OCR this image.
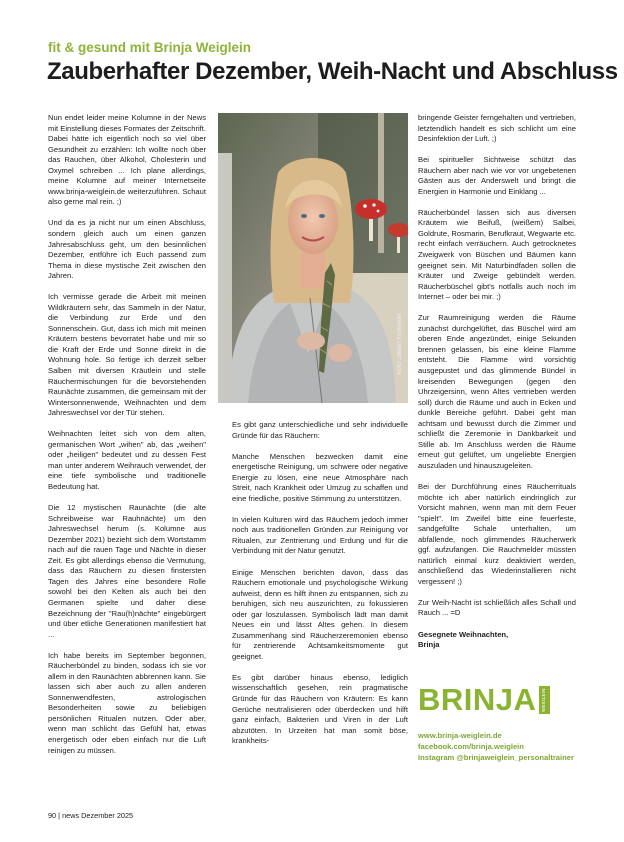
fit & gesund mit Brinja Weiglein
Zauberhafter Dezember, Weih-Nacht und Abschluss

Nun endet leider meine Kolumne in der News mit Einstellung dieses Formates der Zeitschrift. Dabei hätte ich eigentlich noch so viel über Gesundheit zu erzählen: Ich wollte noch über das Rauchen, über Alkohol, Cholesterin und Oxymel schreiben ... Ich plane allerdings, meine Kolumne auf meiner Internetseite www.brinja-weiglein.de weiterzuführen. Schaut also gerne mal rein. ;)

Und da es ja nicht nur um einen Abschluss, sondern gleich auch um einen ganzen Jahresabschluss geht, um den besinnlichen Dezember, entführe ich Euch passend zum Thema in diese mystische Zeit zwischen den Jahren.

Ich vermisse gerade die Arbeit mit meinen Wildkräutern sehr, das Sammeln in der Natur, die Verbindung zur Erde und den Sonnenschein. Gut, dass ich mich mit meinen Kräutern bestens bevorratet habe und mir so die Kraft der Erde und Sonne direkt in die Wohnung hole. So fertige ich derzeit selber Salben mit diversen Kräutlein und stelle Räuchermischungen für die bevorstehenden Raunächte zusammen, die gemeinsam mit der Wintersonnenwende, Weihnachten und dem Jahreswechsel vor der Tür stehen.

Weihnachten leitet sich von dem alten, germanischen Wort „wihen" ab, das „weihen" oder „heiligen" bedeutet und zu dessen Fest man unter anderem Weihrauch verwendet, der eine tiefe symbolische und traditionelle Bedeutung hat.

Die 12 mystischen Raunächte (die alte Schreibweise war Rauhnächte) um den Jahreswechsel herum (s. Kolumne aus Dezember 2021) bezieht sich dem Wortstamm nach auf die rauen Tage und Nächte in dieser Zeit. Es gibt allerdings ebenso die Vermutung, dass das Räuchern zu diesen finstersten Tagen des Jahres eine besondere Rolle sowohl bei den Kelten als auch bei den Germanen spielte und daher diese Bezeichnung der "Rau(h)nächte" eingebürgert und über etliche Generationen manifestiert hat ...

Ich habe bereits im September begonnen, Räucherbündel zu binden, sodass ich sie vor allem in den Raunächten abbrennen kann. Sie lassen sich aber auch zu allen anderen Sonnenwendfesten, astrologischen Besonderheiten sowie zu beliebigen persönlichen Ritualen nutzen. Oder aber, wenn man schlicht das Gefühl hat, etwas energetisch oder eben einfach nur die Luft reinigen zu müssen.

Foto: Stefan Kohlmeier

Es gibt ganz unterschiedliche und sehr individuelle Gründe für das Räuchern:

Manche Menschen bezwecken damit eine energetische Reinigung, um schwere oder negative Energie zu lösen, eine neue Atmosphäre nach Streit, nach Krankheit oder Umzug zu schaffen und eine friedliche, positive Stimmung zu unterstützen.

In vielen Kulturen wird das Räuchern jedoch immer noch aus traditionellen Gründen zur Reinigung vor Ritualen, zur Zentrierung und Erdung und für die Verbindung mit der Natur genutzt.

Einige Menschen berichten davon, dass das Räuchern emotionale und psychologische Wirkung aufweist, denn es hilft ihnen zu entspannen, sich zu beruhigen, sich neu auszurichten, zu fokussieren oder gar loszulassen. Symbolisch lädt man damit Neues ein und lässt Altes gehen. In diesem Zusammenhang sind Räucherzeremonien ebenso für zentrierende Achtsamkeitsmomente gut geeignet.

Es gibt darüber hinaus ebenso, lediglich wissenschaftlich gesehen, rein pragmatische Gründe für das Räuchern von Kräutern: Es kann Gerüche neutralisieren oder überdecken und hilft ganz einfach, Bakterien und Viren in der Luft abzutöten. In Urzeiten hat man somit böse, krankheits-

bringende Geister ferngehalten und vertrieben, letztendlich handelt es sich schlicht um eine Desinfektion der Luft. ;)

Bei spiritueller Sichtweise schützt das Räuchern aber nach wie vor vor ungebetenen Gästen aus der Anderswelt und bringt die Energien in Harmonie und Einklang ...

Räucherbündel lassen sich aus diversen Kräutern wie Beifuß, (weißem) Salbei, Goldrute, Rosmarin, Berufkraut, Wegwarte etc. recht einfach verräuchern. Auch getrocknetes Zweigwerk von Büschen und Bäumen kann geeignet sein. Mit Naturbindfaden sollen die Kräuter und Zweige gebündelt werden. Räucherbüschel gibt's notfalls auch noch im Internet – oder bei mir. ;)

Zur Raumreinigung werden die Räume zunächst durchgelüftet, das Büschel wird am oberen Ende angezündet, einige Sekunden brennen gelassen, bis eine kleine Flamme entsteht. Die Flamme wird vorsichtig ausgepustet und das glimmende Bündel in kreisenden Bewegungen (gegen den Uhrzeigersinn, wenn Altes vertrieben werden soll) durch die Räume und auch in Ecken und dunkle Bereiche geführt. Dabei geht man achtsam und bewusst durch die Zimmer und schließt die Zeremonie in Dankbarkeit und Stille ab. Im Anschluss werden die Räume erneut gut gelüftet, um ungeliebte Energien auszuladen und hinauszugeleiten.

Bei der Durchführung eines Räucherrituals möchte ich aber natürlich eindringlich zur Vorsicht mahnen, wenn man mit dem Feuer "spielt". Im Zweifel bitte eine feuerfeste, sandgefüllte Schale unterhalten, um abfallende, noch glimmendes Räucherwerk ggf. aufzufangen. Die Rauchmelder müssten natürlich einmal kurz deaktiviert werden, anschließend das Wiederinstallieren nicht vergessen! ;)

Zur Weih-Nacht ist schließlich alles Schall und Rauch ... =D

Gesegnete Weihnachten,
Brinja
BRINJA	WEIGLEIN
www.brinja-weiglein.de
facebook.com/brinja.weiglein
Instagram @brinjaweiglein_personaltrainer
90 | news Dezember 2025
